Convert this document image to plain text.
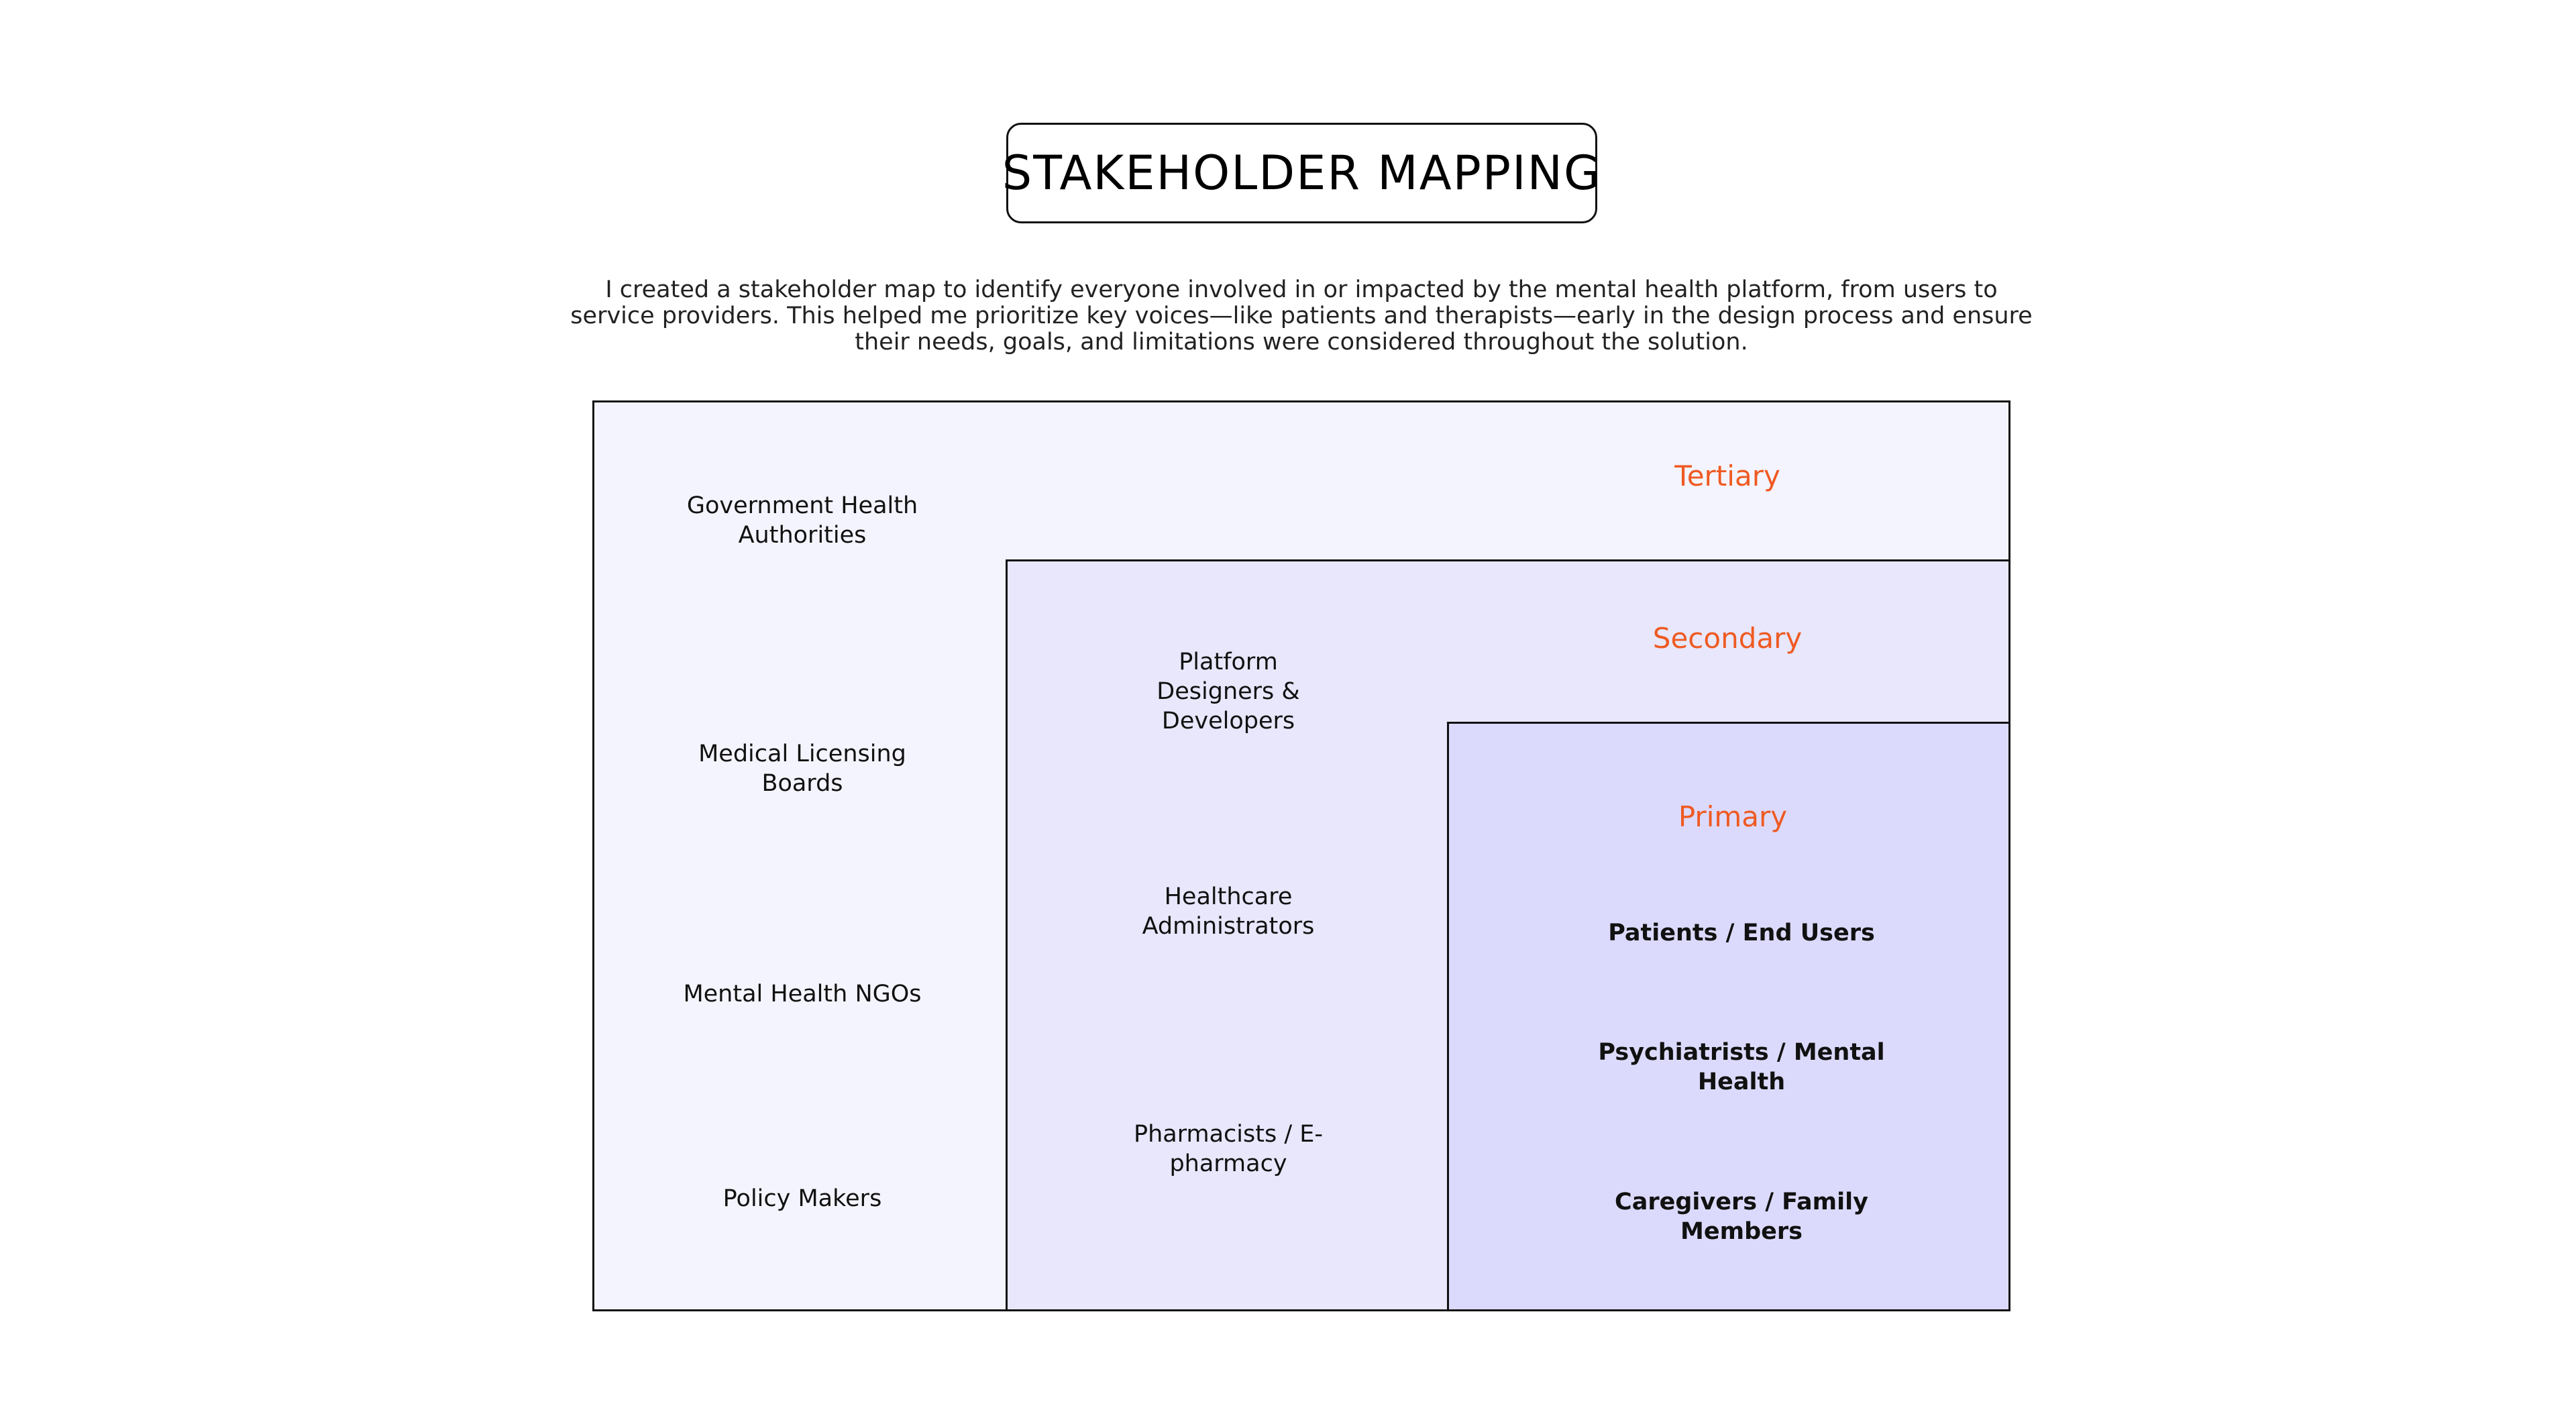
STAKEHOLDER MAPPING

I created a stakeholder map to identify everyone involved in or impacted by the mental health platform, from users to service providers. This helped me prioritize key voices—like patients and therapists—early in the design process and ensure their needs, goals, and limitations were considered throughout the solution.

Tertiary
Secondary
Primary
Government Health Authorities
Medical Licensing Boards
Mental Health NGOs
Policy Makers
Platform Designers & Developers
Healthcare Administrators
Pharmacists / E-pharmacy
Patients / End Users
Psychiatrists / Mental Health
Caregivers / Family Members
